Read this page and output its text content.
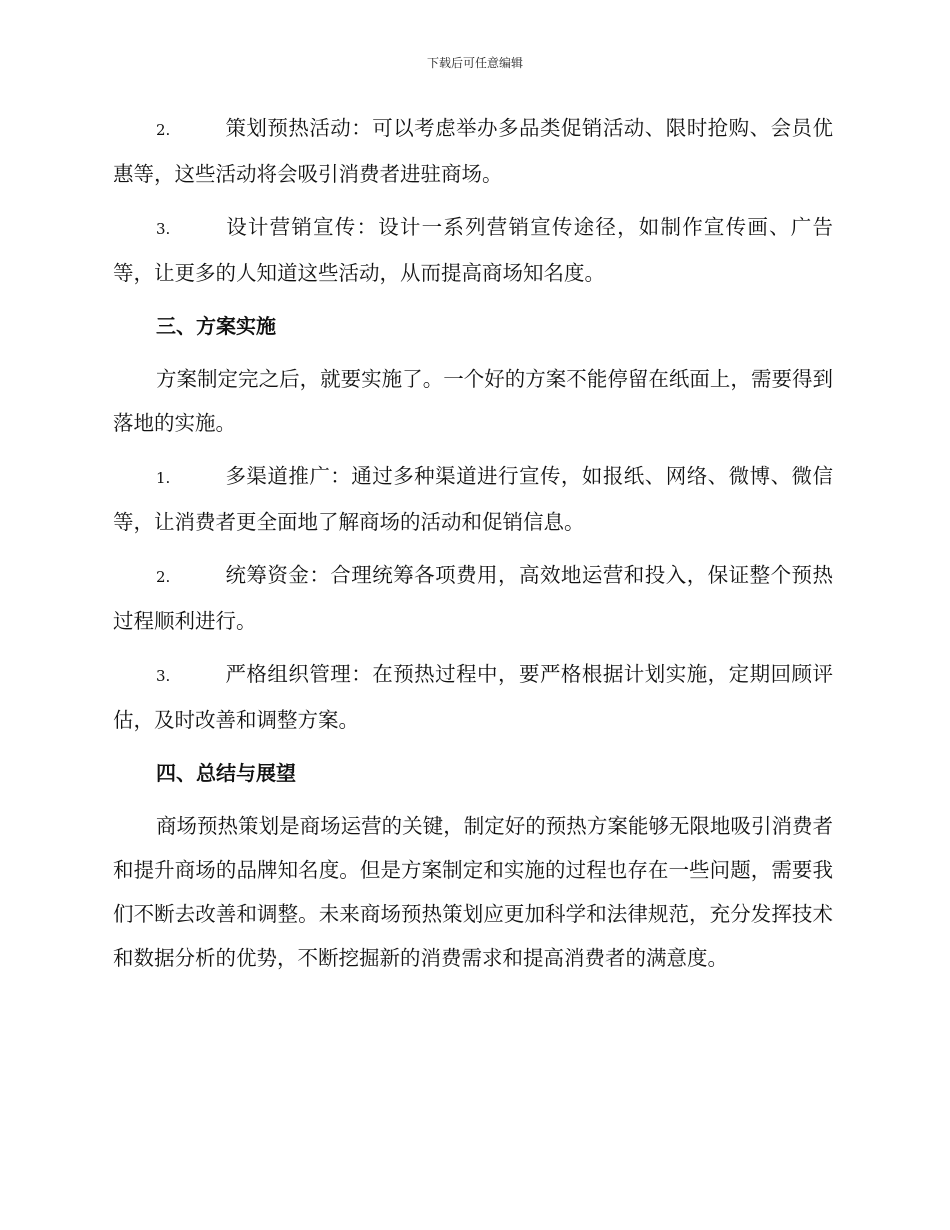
下载后可任意编辑

2.	策划预热活动：可以考虑举办多品类促销活动、限时抢购、会员优惠等，这些活动将会吸引消费者进驻商场。

3.	设计营销宣传：设计一系列营销宣传途径，如制作宣传画、广告等，让更多的人知道这些活动，从而提高商场知名度。

三、方案实施

方案制定完之后，就要实施了。一个好的方案不能停留在纸面上，需要得到落地的实施。

1.	多渠道推广：通过多种渠道进行宣传，如报纸、网络、微博、微信等，让消费者更全面地了解商场的活动和促销信息。

2.	统筹资金：合理统筹各项费用，高效地运营和投入，保证整个预热过程顺利进行。

3.	严格组织管理：在预热过程中，要严格根据计划实施，定期回顾评估，及时改善和调整方案。

四、总结与展望

商场预热策划是商场运营的关键，制定好的预热方案能够无限地吸引消费者和提升商场的品牌知名度。但是方案制定和实施的过程也存在一些问题，需要我们不断去改善和调整。未来商场预热策划应更加科学和法律规范，充分发挥技术和数据分析的优势，不断挖掘新的消费需求和提高消费者的满意度。
